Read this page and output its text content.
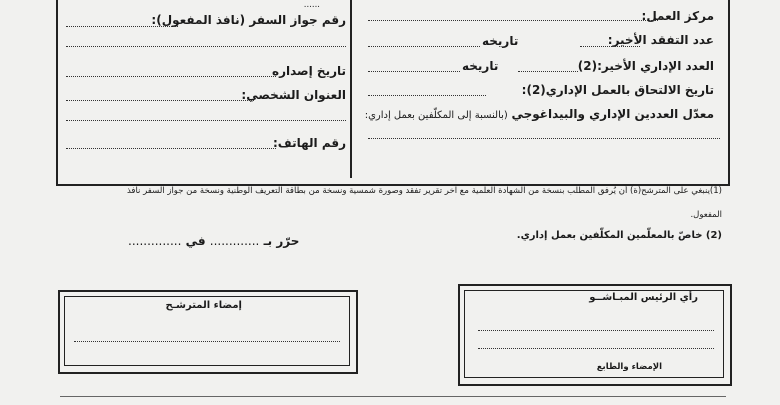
......
مركز العمل:
عدد التفقد الأخير:
تاريخه
العدد الإداري الأخير:(2)
تاريخه
تاريخ الالتحاق بالعمل الإداري(2):
معدّل العددين الإداري والبيداغوجي (بالنسبة إلى المكلّفين بعمل إداري:
رقم جواز السفر (نافذ المفعول):
تاريخ إصداره
العنوان الشخصي:
رقم الهاتف:
(1)ينبغي على المترشح(ة) أن يُرفق المطلب بنسخة من الشهادة العلمية مع آخر تقرير تفقد وصورة شمسية ونسخة من بطاقة التعريف الوطنية ونسخة من جواز السفر نافذ
المفعول.
(2) خاصّ بالمعلّمين المكلّفين بعمل إداري.
حرّر بـ ............. في ..............
إمضاء المترشـح
رأي الرئيس المبـاشــو
الإمضاء والطابع
